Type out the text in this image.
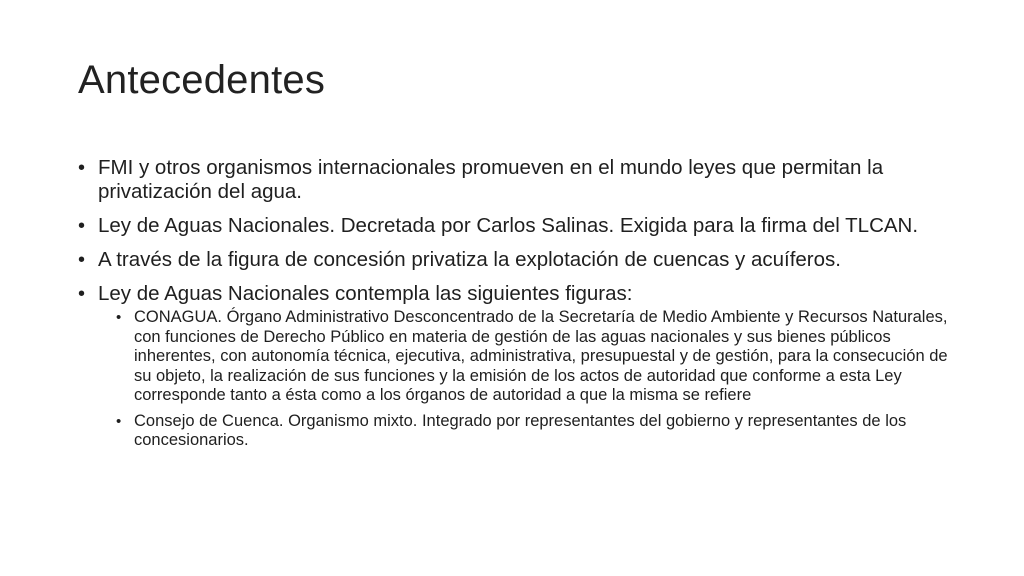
Antecedentes
• FMI y otros organismos internacionales promueven en el mundo leyes que permitan la privatización del agua.
• Ley de Aguas Nacionales. Decretada por Carlos Salinas. Exigida para la firma del TLCAN.
• A través de la figura de concesión privatiza la explotación de cuencas y acuíferos.
• Ley de Aguas Nacionales contempla las siguientes figuras:
• CONAGUA. Órgano Administrativo Desconcentrado de la Secretaría de Medio Ambiente y Recursos Naturales, con funciones de Derecho Público en materia de gestión de las aguas nacionales y sus bienes públicos inherentes, con autonomía técnica, ejecutiva, administrativa, presupuestal y de gestión, para la consecución de su objeto, la realización de sus funciones y la emisión de los actos de autoridad que conforme a esta Ley corresponde tanto a ésta como a los órganos de autoridad a que la misma se refiere
• Consejo de Cuenca. Organismo mixto. Integrado por representantes del gobierno y representantes de los concesionarios.
